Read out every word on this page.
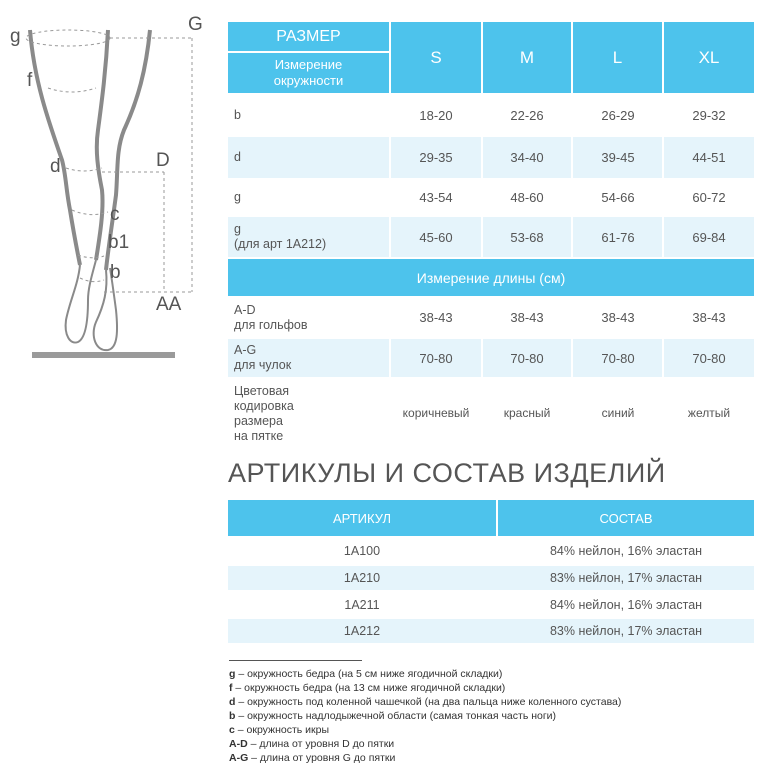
g
G
f
d	D
c
b1
b
AA
РАЗМЕР
Измерение окружности
S	M	L	XL
b	18-20	22-26	26-29	29-32
d	29-35	34-40	39-45	44-51
g	43-54	48-60	54-66	60-72
g
(для арт 1А212)	45-60	53-68	61-76	69-84
Измерение длины (см)
A-D
для гольфов	38-43	38-43	38-43	38-43
A-G
для чулок	70-80	70-80	70-80	70-80
Цветовая
кодировка
размера
на пятке
коричневый	красный	синий	желтый
АРТИКУЛЫ И СОСТАВ ИЗДЕЛИЙ
АРТИКУЛ	СОСТАВ
1А100	84% нейлон, 16% эластан
1А210	83% нейлон, 17% эластан
1А211	84% нейлон, 16% эластан
1А212	83% нейлон, 17% эластан
g – окружность бедра (на 5 см ниже ягодичной складки)
f – окружность бедра (на 13 см ниже ягодичной складки)
d – окружность под коленной чашечкой (на два пальца ниже коленного сустава)
b – окружность надлодыжечной области (самая тонкая часть ноги)
c – окружность икры
A-D – длина от уровня D до пятки
A-G – длина от уровня G до пятки
